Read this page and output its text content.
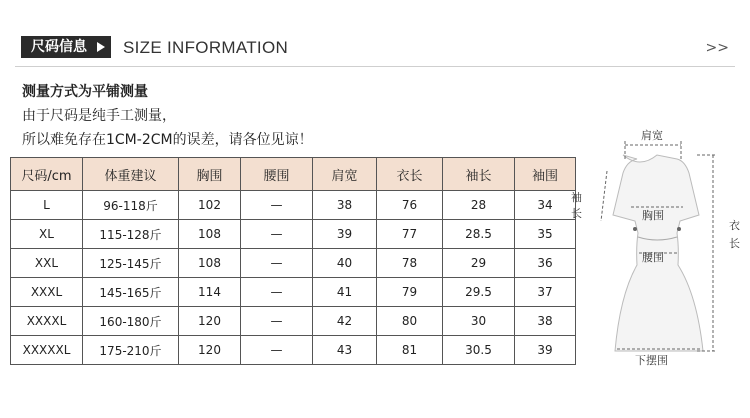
尺码信息	SIZE INFORMATION	>>
测量方式为平铺测量
由于尺码是纯手工测量，
所以难免存在1CM-2CM的误差，请各位见谅！
尺码/cm	体重建议	胸围	腰围	肩宽	衣长	袖长	袖围
L	96-118斤	102	—	38	76	28	34
XL	115-128斤	108	—	39	77	28.5	35
XXL	125-145斤	108	—	40	78	29	36
XXXL	145-165斤	114	—	41	79	29.5	37
XXXXL	160-180斤	120	—	42	80	30	38
XXXXXL	175-210斤	120	—	43	81	30.5	39
肩宽
袖
长	胸围
腰围
衣
长
下摆围
